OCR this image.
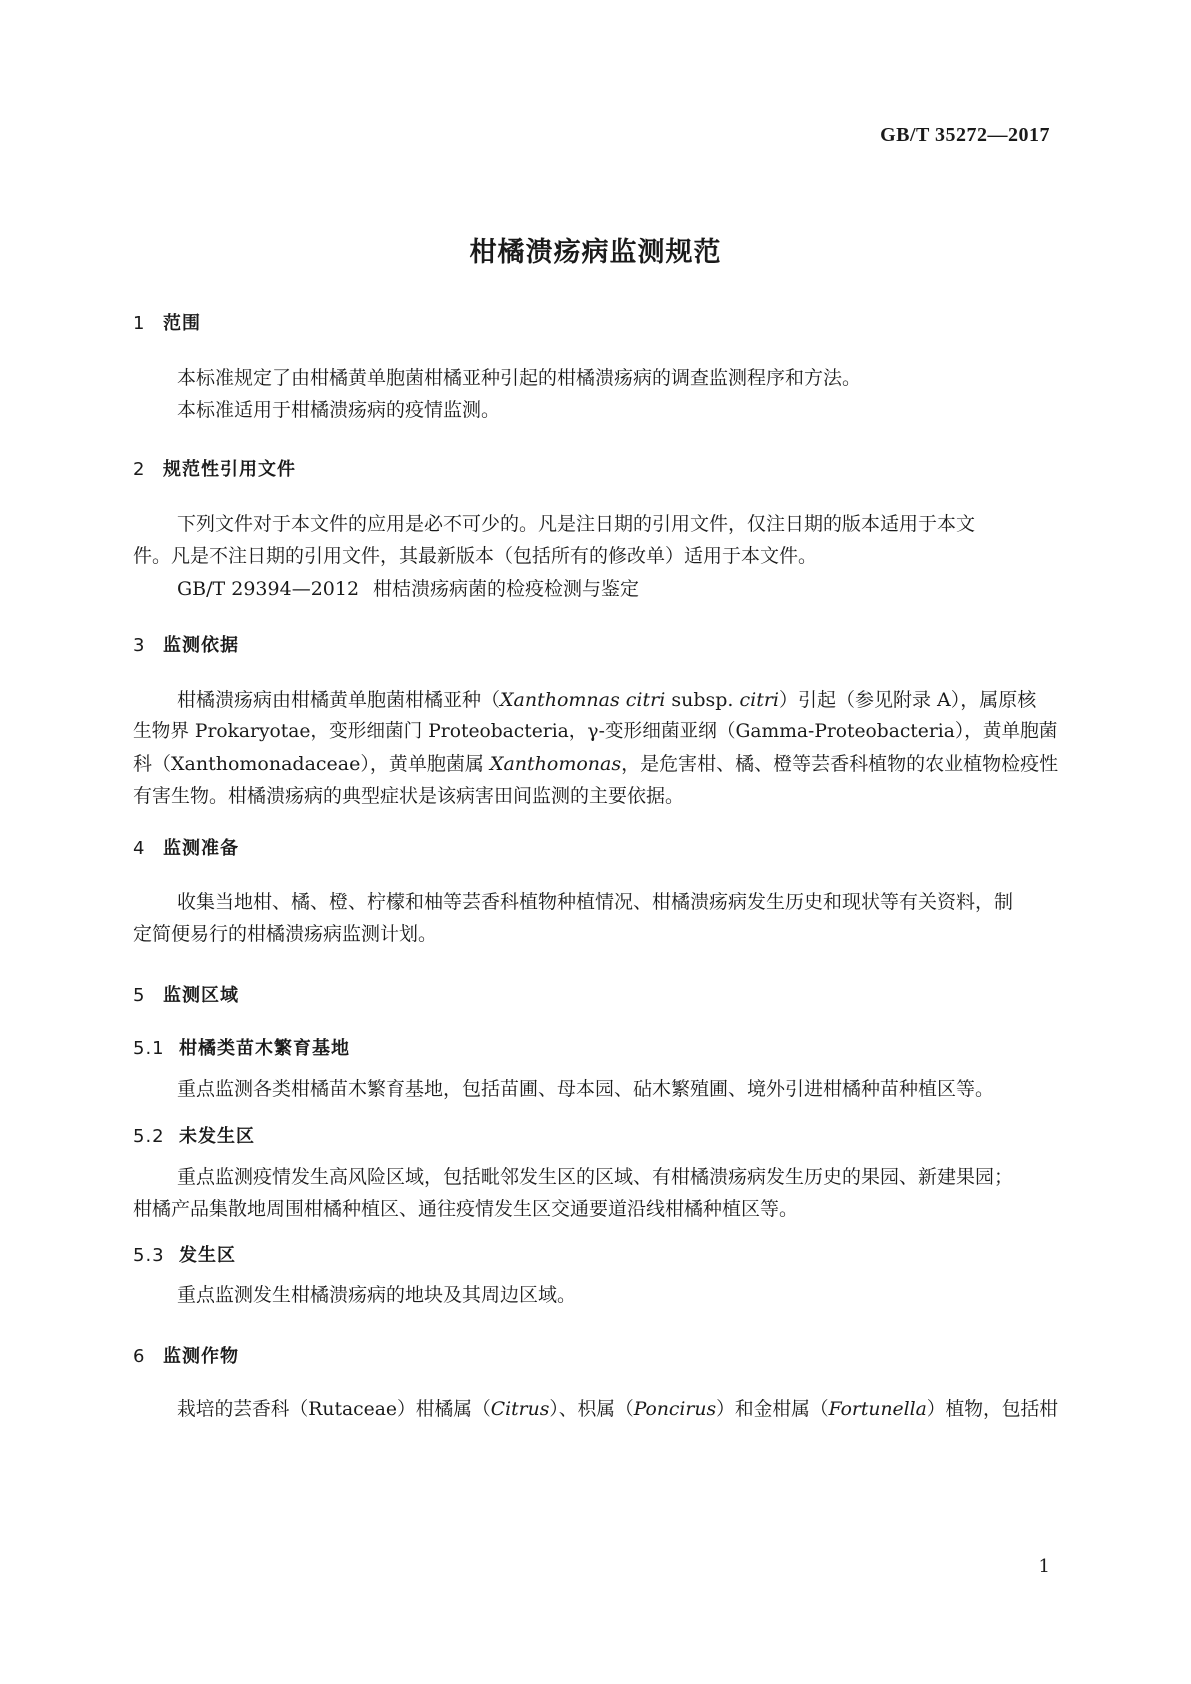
GB/T 35272—2017
柑橘溃疡病监测规范
1 范围
本标准规定了由柑橘黄单胞菌柑橘亚种引起的柑橘溃疡病的调查监测程序和方法。
本标准适用于柑橘溃疡病的疫情监测。
2 规范性引用文件
下列文件对于本文件的应用是必不可少的。凡是注日期的引用文件，仅注日期的版本适用于本文
件。凡是不注日期的引用文件，其最新版本（包括所有的修改单）适用于本文件。
GB/T 29394—2012 柑桔溃疡病菌的检疫检测与鉴定
3 监测依据
柑橘溃疡病由柑橘黄单胞菌柑橘亚种（Xanthomnas citri subsp. citri）引起（参见附录 A），属原核
生物界 Prokaryotae，变形细菌门 Proteobacteria，γ-变形细菌亚纲（Gamma-Proteobacteria），黄单胞菌
科（Xanthomonadaceae），黄单胞菌属 Xanthomonas，是危害柑、橘、橙等芸香科植物的农业植物检疫性
有害生物。柑橘溃疡病的典型症状是该病害田间监测的主要依据。
4 监测准备
收集当地柑、橘、橙、柠檬和柚等芸香科植物种植情况、柑橘溃疡病发生历史和现状等有关资料，制
定简便易行的柑橘溃疡病监测计划。
5 监测区域
5.1 柑橘类苗木繁育基地
重点监测各类柑橘苗木繁育基地，包括苗圃、母本园、砧木繁殖圃、境外引进柑橘种苗种植区等。
5.2 未发生区
重点监测疫情发生高风险区域，包括毗邻发生区的区域、有柑橘溃疡病发生历史的果园、新建果园；
柑橘产品集散地周围柑橘种植区、通往疫情发生区交通要道沿线柑橘种植区等。
5.3 发生区
重点监测发生柑橘溃疡病的地块及其周边区域。
6 监测作物
栽培的芸香科（Rutaceae）柑橘属（Citrus）、枳属（Poncirus）和金柑属（Fortunella）植物，包括柑
1
